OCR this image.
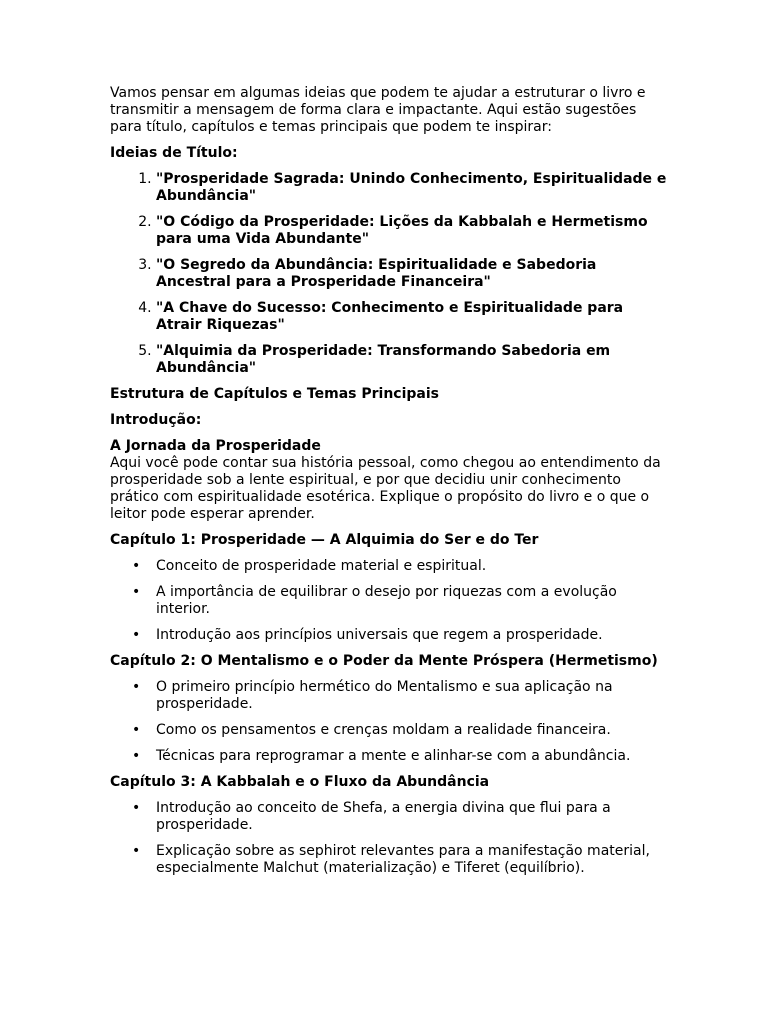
Vamos pensar em algumas ideias que podem te ajudar a estruturar o livro e transmitir a mensagem de forma clara e impactante. Aqui estão sugestões para título, capítulos e temas principais que podem te inspirar:

Ideias de Título:

1. "Prosperidade Sagrada: Unindo Conhecimento, Espiritualidade e Abundância"
2. "O Código da Prosperidade: Lições da Kabbalah e Hermetismo para uma Vida Abundante"
3. "O Segredo da Abundância: Espiritualidade e Sabedoria Ancestral para a Prosperidade Financeira"
4. "A Chave do Sucesso: Conhecimento e Espiritualidade para Atrair Riquezas"
5. "Alquimia da Prosperidade: Transformando Sabedoria em Abundância"

Estrutura de Capítulos e Temas Principais

Introdução:

A Jornada da Prosperidade

Aqui você pode contar sua história pessoal, como chegou ao entendimento da prosperidade sob a lente espiritual, e por que decidiu unir conhecimento prático com espiritualidade esotérica. Explique o propósito do livro e o que o leitor pode esperar aprender.

Capítulo 1: Prosperidade — A Alquimia do Ser e do Ter

• Conceito de prosperidade material e espiritual.
• A importância de equilibrar o desejo por riquezas com a evolução interior.
• Introdução aos princípios universais que regem a prosperidade.

Capítulo 2: O Mentalismo e o Poder da Mente Próspera (Hermetismo)

• O primeiro princípio hermético do Mentalismo e sua aplicação na prosperidade.
• Como os pensamentos e crenças moldam a realidade financeira.
• Técnicas para reprogramar a mente e alinhar-se com a abundância.

Capítulo 3: A Kabbalah e o Fluxo da Abundância

• Introdução ao conceito de Shefa, a energia divina que flui para a prosperidade.
• Explicação sobre as sephirot relevantes para a manifestação material, especialmente Malchut (materialização) e Tiferet (equilíbrio).
